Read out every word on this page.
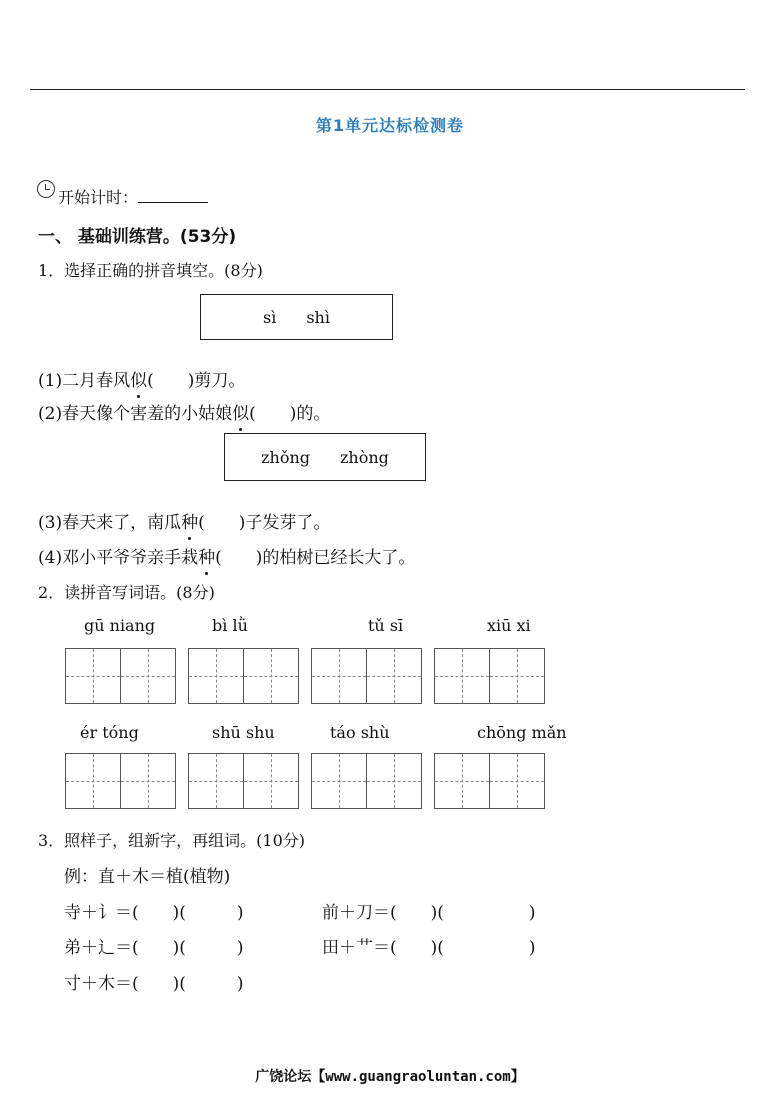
第1单元达标检测卷
开始计时：
一、 基础训练营。(53分)
1．选择正确的拼音填空。(8分)
sì shì
(1)二月春风似(　　)剪刀。
(2)春天像个害羞的小姑娘似(　　)的。
zhǒng zhòng
(3)春天来了，南瓜种(　　)子发芽了。
(4)邓小平爷爷亲手栽种(　　)的柏树已经长大了。
2．读拼音写词语。(8分)
gū niang	bì lǜ	tǔ sī	xiū xi
ér tóng	shū shu	táo shù	chōng mǎn
3．照样子，组新字，再组词。(10分)
例：直＋木＝植(植物)
寺＋讠＝(　　)(　　　)	前＋刀＝(　　)(　　　　　)
弟＋辶＝(　　)(　　　)	田＋艹＝(　　)(　　　　　)
寸＋木＝(　　)(　　　)
广饶论坛【www.guangraoluntan.com】
